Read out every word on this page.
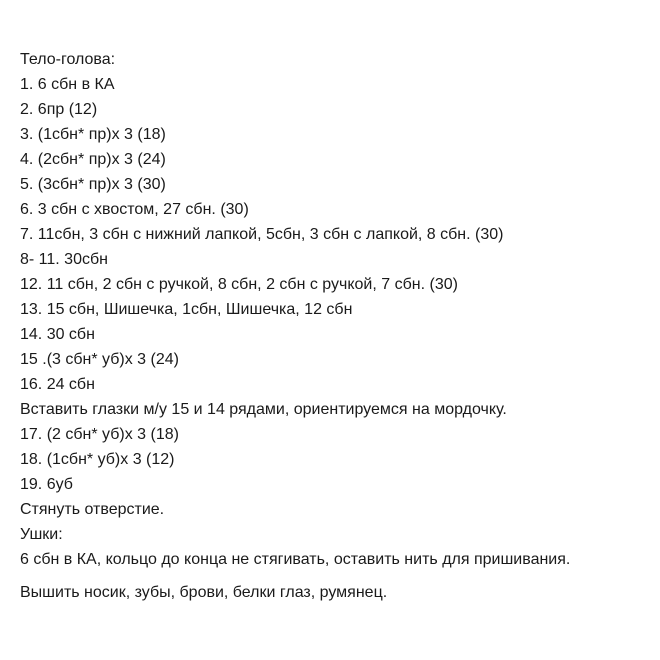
Тело-голова:
1. 6 сбн в КА
2. 6пр (12)
3. (1сбн* пр)х 3 (18)
4. (2сбн* пр)х 3 (24)
5. (3сбн* пр)х 3 (30)
6. 3 сбн с хвостом, 27 сбн. (30)
7. 11сбн, 3 сбн с нижний лапкой, 5сбн, 3 сбн с лапкой, 8 сбн. (30)
8- 11. 30сбн
12. 11 сбн, 2 сбн с ручкой, 8 сбн, 2 сбн с ручкой, 7 сбн. (30)
13. 15 сбн, Шишечка, 1сбн, Шишечка, 12 сбн
14. 30 сбн
15 .(3 сбн* уб)х 3 (24)
16. 24 сбн
Вставить глазки м/у 15 и 14 рядами, ориентируемся на мордочку.
17. (2 сбн* уб)х 3 (18)
18. (1сбн* уб)х 3 (12)
19. 6уб
Стянуть отверстие.
Ушки:
6 сбн в КА, кольцо до конца не стягивать, оставить нить для пришивания.
Вышить носик, зубы, брови, белки глаз, румянец.
